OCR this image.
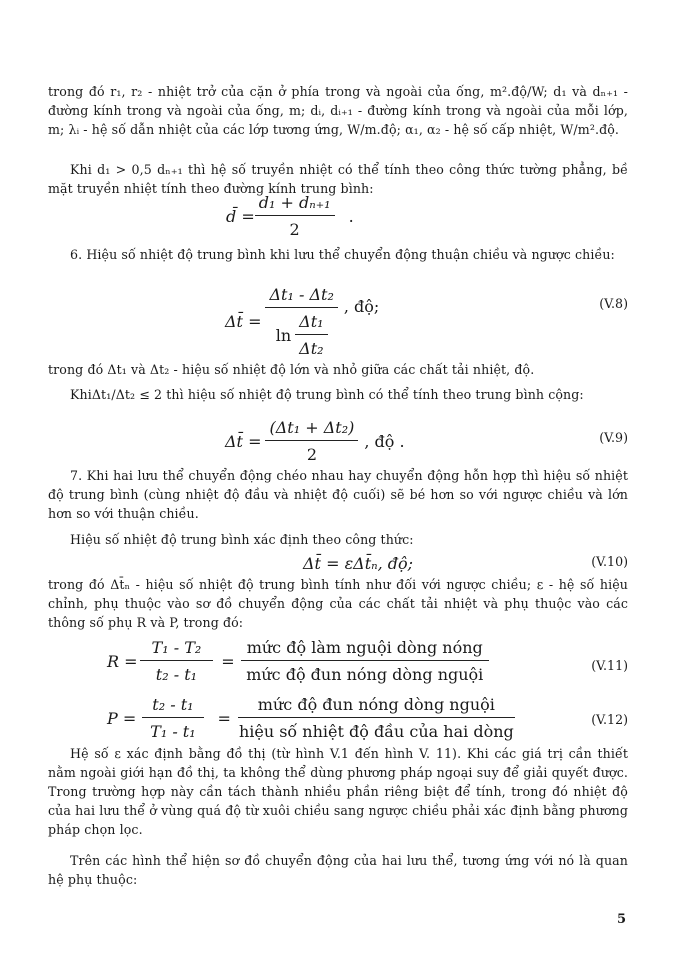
trong đó r₁, r₂ - nhiệt trở của cặn ở phía trong và ngoài của ống, m².độ/W; d₁ và dₙ₊₁ - đường kính trong và ngoài của ống, m; dᵢ, dᵢ₊₁ - đường kính trong và ngoài của mỗi lớp, m; λᵢ - hệ số dẫn nhiệt của các lớp tương ứng, W/m.độ; α₁, α₂ - hệ số cấp nhiệt, W/m².độ.
Khi d₁ > 0,5 dₙ₊₁ thì hệ số truyền nhiệt có thể tính theo công thức tường phẳng, bề mặt truyền nhiệt tính theo đường kính trung bình:
d̄ = $\frac{\text{d₁ + dₙ₊₁}}{2}$ .
6. Hiệu số nhiệt độ trung bình khi lưu thể chuyển động thuận chiều và ngược chiều:
Δt̄ = $\frac{\text{Δt₁ - Δt₂}}{\ln \frac{\text{Δt₁}}{\text{Δt₂}}}$ , độ;	(V.8)
trong đó Δt₁ và Δt₂ - hiệu số nhiệt độ lớn và nhỏ giữa các chất tải nhiệt, độ.
KhiΔt₁/Δt₂ ≤ 2 thì hiệu số nhiệt độ trung bình có thể tính theo trung bình cộng:
Δt̄ = $\frac{\text{(Δt₁ + Δt₂)}}{2}$ , độ .	(V.9)
7. Khi hai lưu thể chuyển động chéo nhau hay chuyển động hỗn hợp thì hiệu số nhiệt độ trung bình (cùng nhiệt độ đầu và nhiệt độ cuối) sẽ bé hơn so với ngược chiều và lớn hơn so với thuận chiều.
Hiệu số nhiệt độ trung bình xác định theo công thức:
Δt̄ = εΔt̄ₙ, độ;	(V.10)
trong đó Δt̄ₙ - hiệu số nhiệt độ trung bình tính như đối với ngược chiều; ε - hệ số hiệu chỉnh, phụ thuộc vào sơ đồ chuyển động của các chất tải nhiệt và phụ thuộc vào các thông số phụ R và P, trong đó:
$R = \frac{\text{T₁ - T₂}}{\text{t₂ - t₁}} = \frac{\text{mức độ làm nguội dòng nóng}}{\text{mức độ đun nóng dòng nguội}}$	(V.11)
$P = \frac{\text{t₂ - t₁}}{\text{T₁ - t₁}} = \frac{\text{mức độ đun nóng dòng nguội}}{\text{hiệu số nhiệt độ đầu của hai dòng}}$	(V.12)
Hệ số ε xác định bằng đồ thị (từ hình V.1 đến hình V. 11). Khi các giá trị cần thiết nằm ngoài giới hạn đồ thị, ta không thể dùng phương pháp ngoại suy để giải quyết được. Trong trường hợp này cần tách thành nhiều phần riêng biệt để tính, trong đó nhiệt độ của hai lưu thể ở vùng quá độ từ xuôi chiều sang ngược chiều phải xác định bằng phương pháp chọn lọc.
Trên các hình thể hiện sơ đồ chuyển động của hai lưu thể, tương ứng với nó là quan hệ phụ thuộc:
5
